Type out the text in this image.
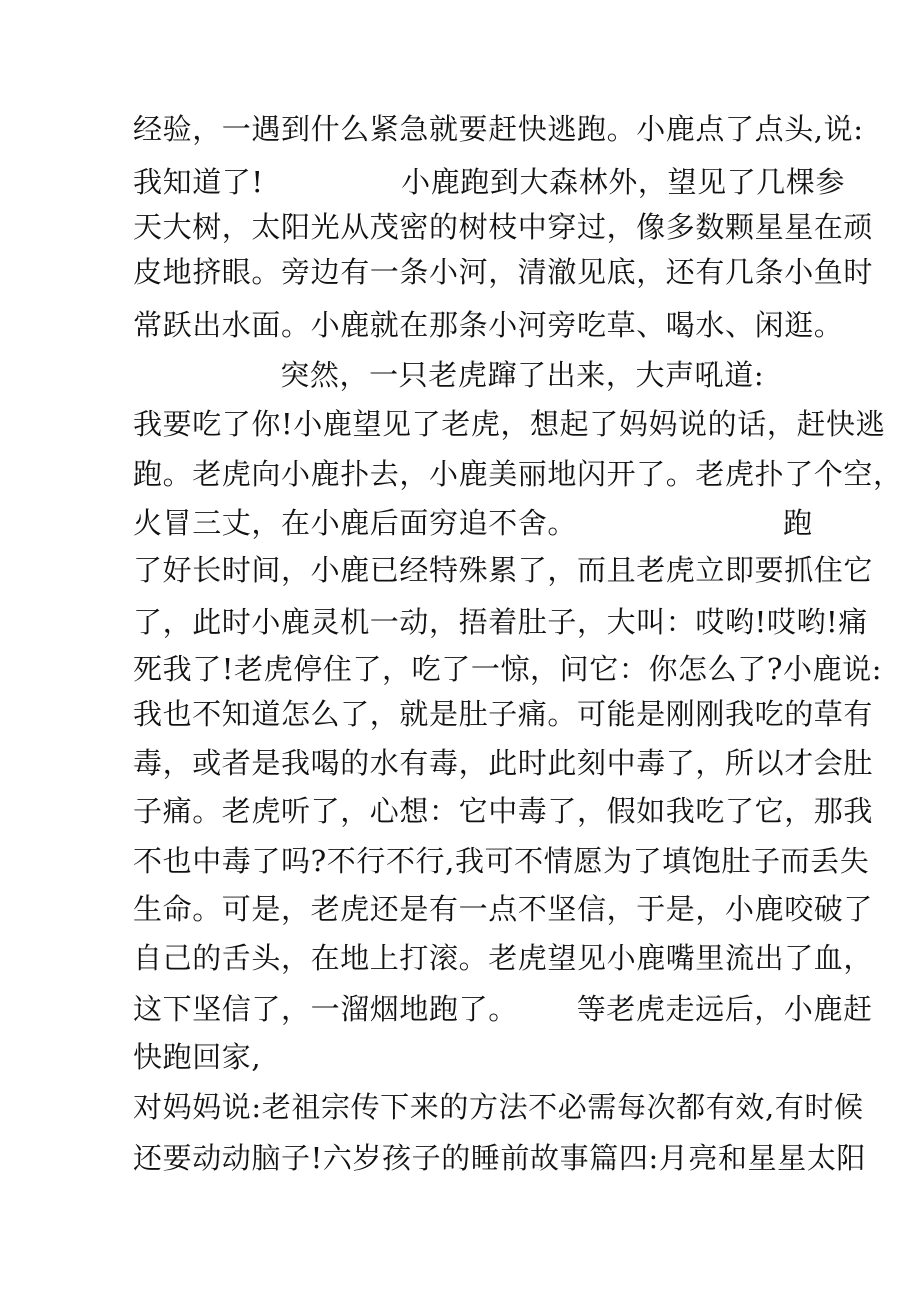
经验，一遇到什么紧急就要赶快逃跑。小鹿点了点头,说:
我知道了!              小鹿跑到大森林外，望见了几棵参
天大树，太阳光从茂密的树枝中穿过，像多数颗星星在顽
皮地挤眼。旁边有一条小河，清澈见底，还有几条小鱼时
常跃出水面。小鹿就在那条小河旁吃草、喝水、闲逛。
突然，一只老虎蹿了出来，大声吼道:
我要吃了你!小鹿望见了老虎，想起了妈妈说的话，赶快逃
跑。老虎向小鹿扑去，小鹿美丽地闪开了。老虎扑了个空，
火冒三丈，在小鹿后面穷追不舍。                     跑
了好长时间，小鹿已经特殊累了，而且老虎立即要抓住它
了，此时小鹿灵机一动，捂着肚子，大叫：哎哟!哎哟!痛
死我了!老虎停住了，吃了一惊，问它：你怎么了?小鹿说:
我也不知道怎么了，就是肚子痛。可能是刚刚我吃的草有
毒，或者是我喝的水有毒，此时此刻中毒了，所以才会肚
子痛。老虎听了，心想：它中毒了，假如我吃了它，那我
不也中毒了吗?不行不行,我可不情愿为了填饱肚子而丢失
生命。可是，老虎还是有一点不坚信，于是，小鹿咬破了
自己的舌头，在地上打滚。老虎望见小鹿嘴里流出了血，
这下坚信了，一溜烟地跑了。      等老虎走远后，小鹿赶
快跑回家,
对妈妈说:老祖宗传下来的方法不必需每次都有效,有时候
还要动动脑子!六岁孩子的睡前故事篇四:月亮和星星太阳
